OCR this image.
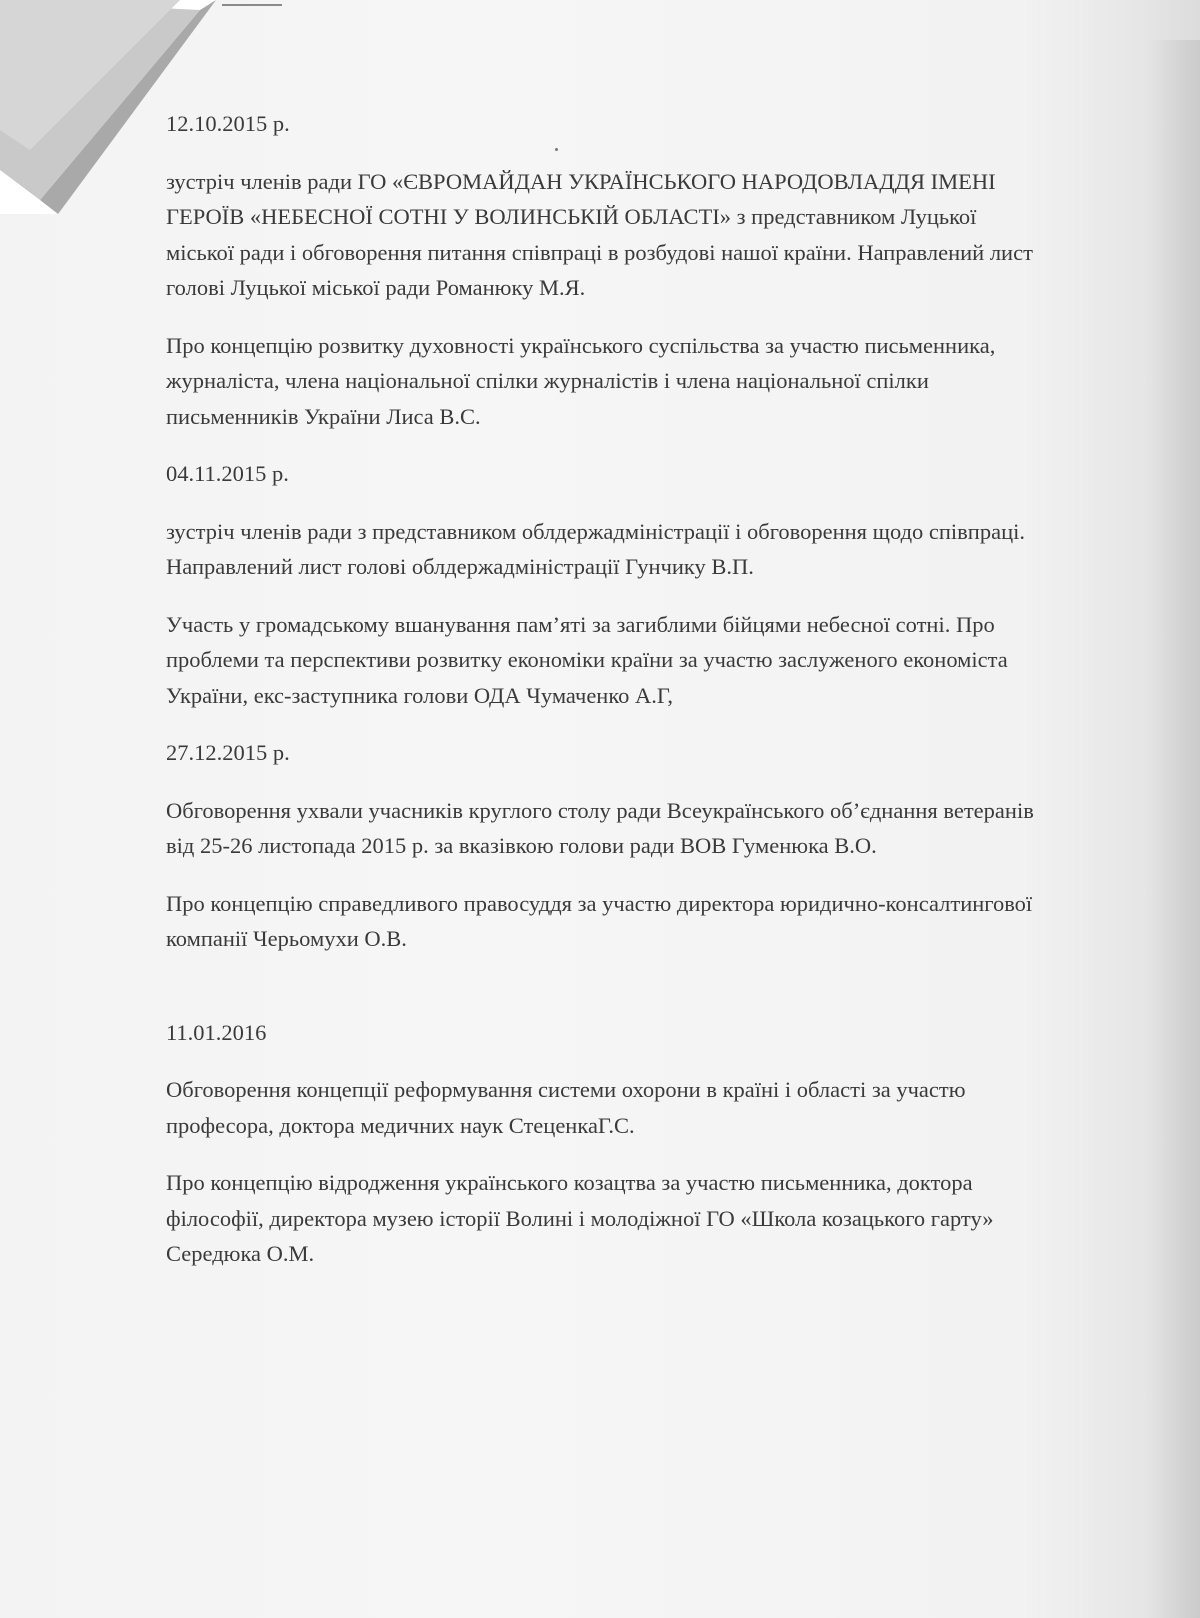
12.10.2015 р.

зустріч членів ради ГО «ЄВРОМАЙДАН УКРАЇНСЬКОГО НАРОДОВЛАДДЯ ІМЕНІ ГЕРОЇВ «НЕБЕСНОЇ СОТНІ У ВОЛИНСЬКІЙ ОБЛАСТІ» з представником Луцької міської ради і обговорення питання співпраці в розбудові нашої країни. Направлений лист голові Луцької міської ради Романюку М.Я.

Про концепцію розвитку духовності українського суспільства за участю письменника, журналіста, члена національної спілки журналістів і члена національної спілки письменників України Лиса В.С.

04.11.2015 р.

зустріч членів ради з представником облдержадміністрації і обговорення щодо співпраці. Направлений лист голові облдержадміністрації Гунчику В.П.

Участь у громадському вшанування пам’яті за загиблими бійцями небесної сотні. Про проблеми та перспективи розвитку економіки країни за участю заслуженого економіста України, екс-заступника голови ОДА Чумаченко А.Г,

27.12.2015 р.

Обговорення ухвали учасників круглого столу ради Всеукраїнського об’єднання ветеранів від 25-26 листопада 2015 р. за вказівкою голови ради ВОВ Гуменюка В.О.

Про концепцію справедливого правосуддя за участю директора юридично-консалтингової компанії Черьомухи О.В.

11.01.2016

Обговорення концепції реформування системи охорони в країні і області за участю професора, доктора медичних наук СтеценкаГ.С.

Про концепцію відродження українського козацтва за участю письменника, доктора філософії, директора музею історії Волині і молодіжної ГО «Школа козацького гарту» Середюка О.М.
